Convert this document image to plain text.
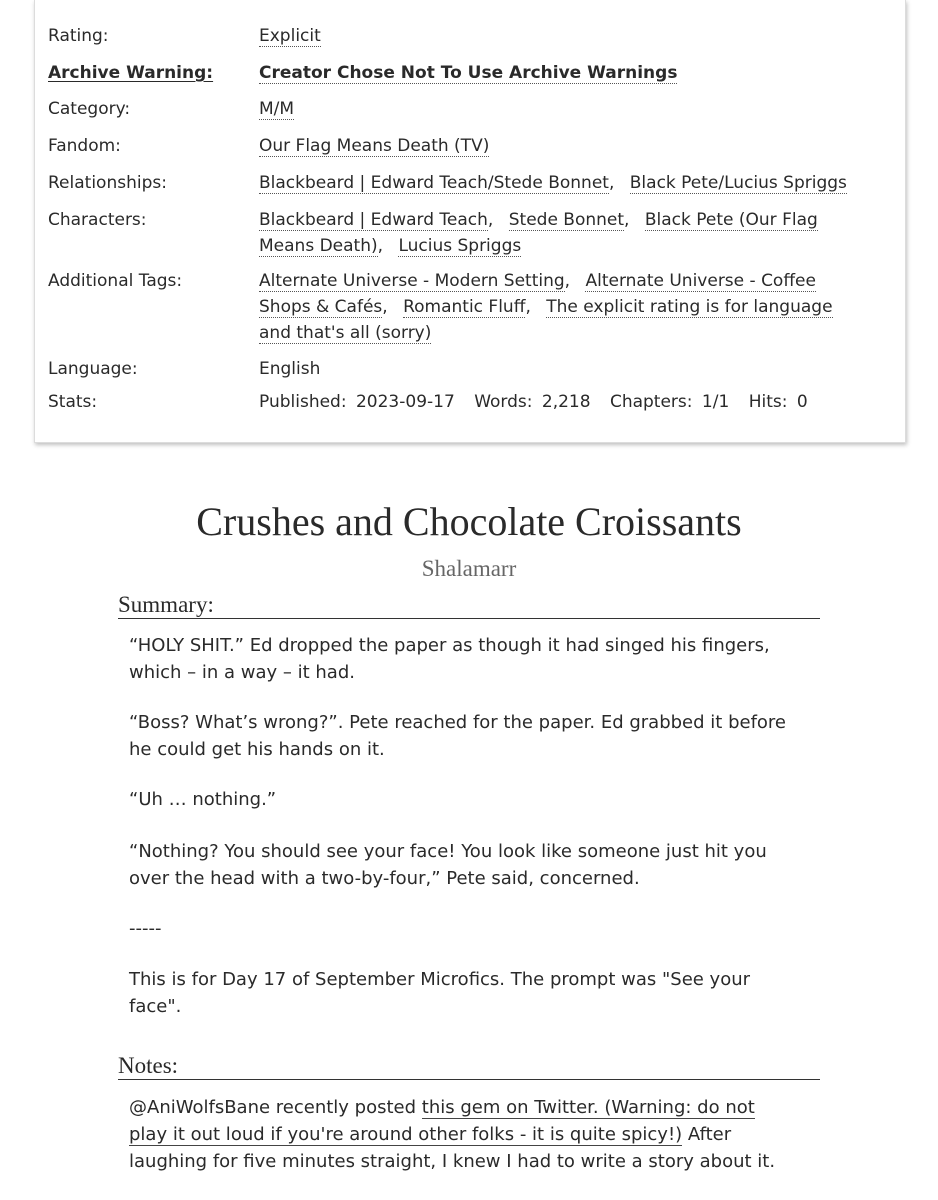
Rating:	Explicit
Archive Warning:	Creator Chose Not To Use Archive Warnings
Category:	M/M
Fandom:	Our Flag Means Death (TV)
Relationships:	Blackbeard | Edward Teach/Stede Bonnet, Black Pete/Lucius Spriggs
Characters:	Blackbeard | Edward Teach, Stede Bonnet, Black Pete (Our Flag
Means Death), Lucius Spriggs
Additional Tags:	Alternate Universe - Modern Setting, Alternate Universe - Coffee
Shops & Cafés, Romantic Fluff, The explicit rating is for language
and that's all (sorry)
Language:	English
Stats:	Published: 2023-09-17 Words: 2,218 Chapters: 1/1 Hits: 0
Crushes and Chocolate Croissants
Shalamarr
Summary:
“HOLY SHIT.” Ed dropped the paper as though it had singed his fingers,
which – in a way – it had.
“Boss? What’s wrong?”. Pete reached for the paper. Ed grabbed it before
he could get his hands on it.
“Uh … nothing.”
“Nothing? You should see your face! You look like someone just hit you
over the head with a two-by-four,” Pete said, concerned.
-----
This is for Day 17 of September Microfics. The prompt was "See your
face".
Notes:
@AniWolfsBane recently posted this gem on Twitter. (Warning: do not
play it out loud if you're around other folks - it is quite spicy!) After
laughing for five minutes straight, I knew I had to write a story about it.
